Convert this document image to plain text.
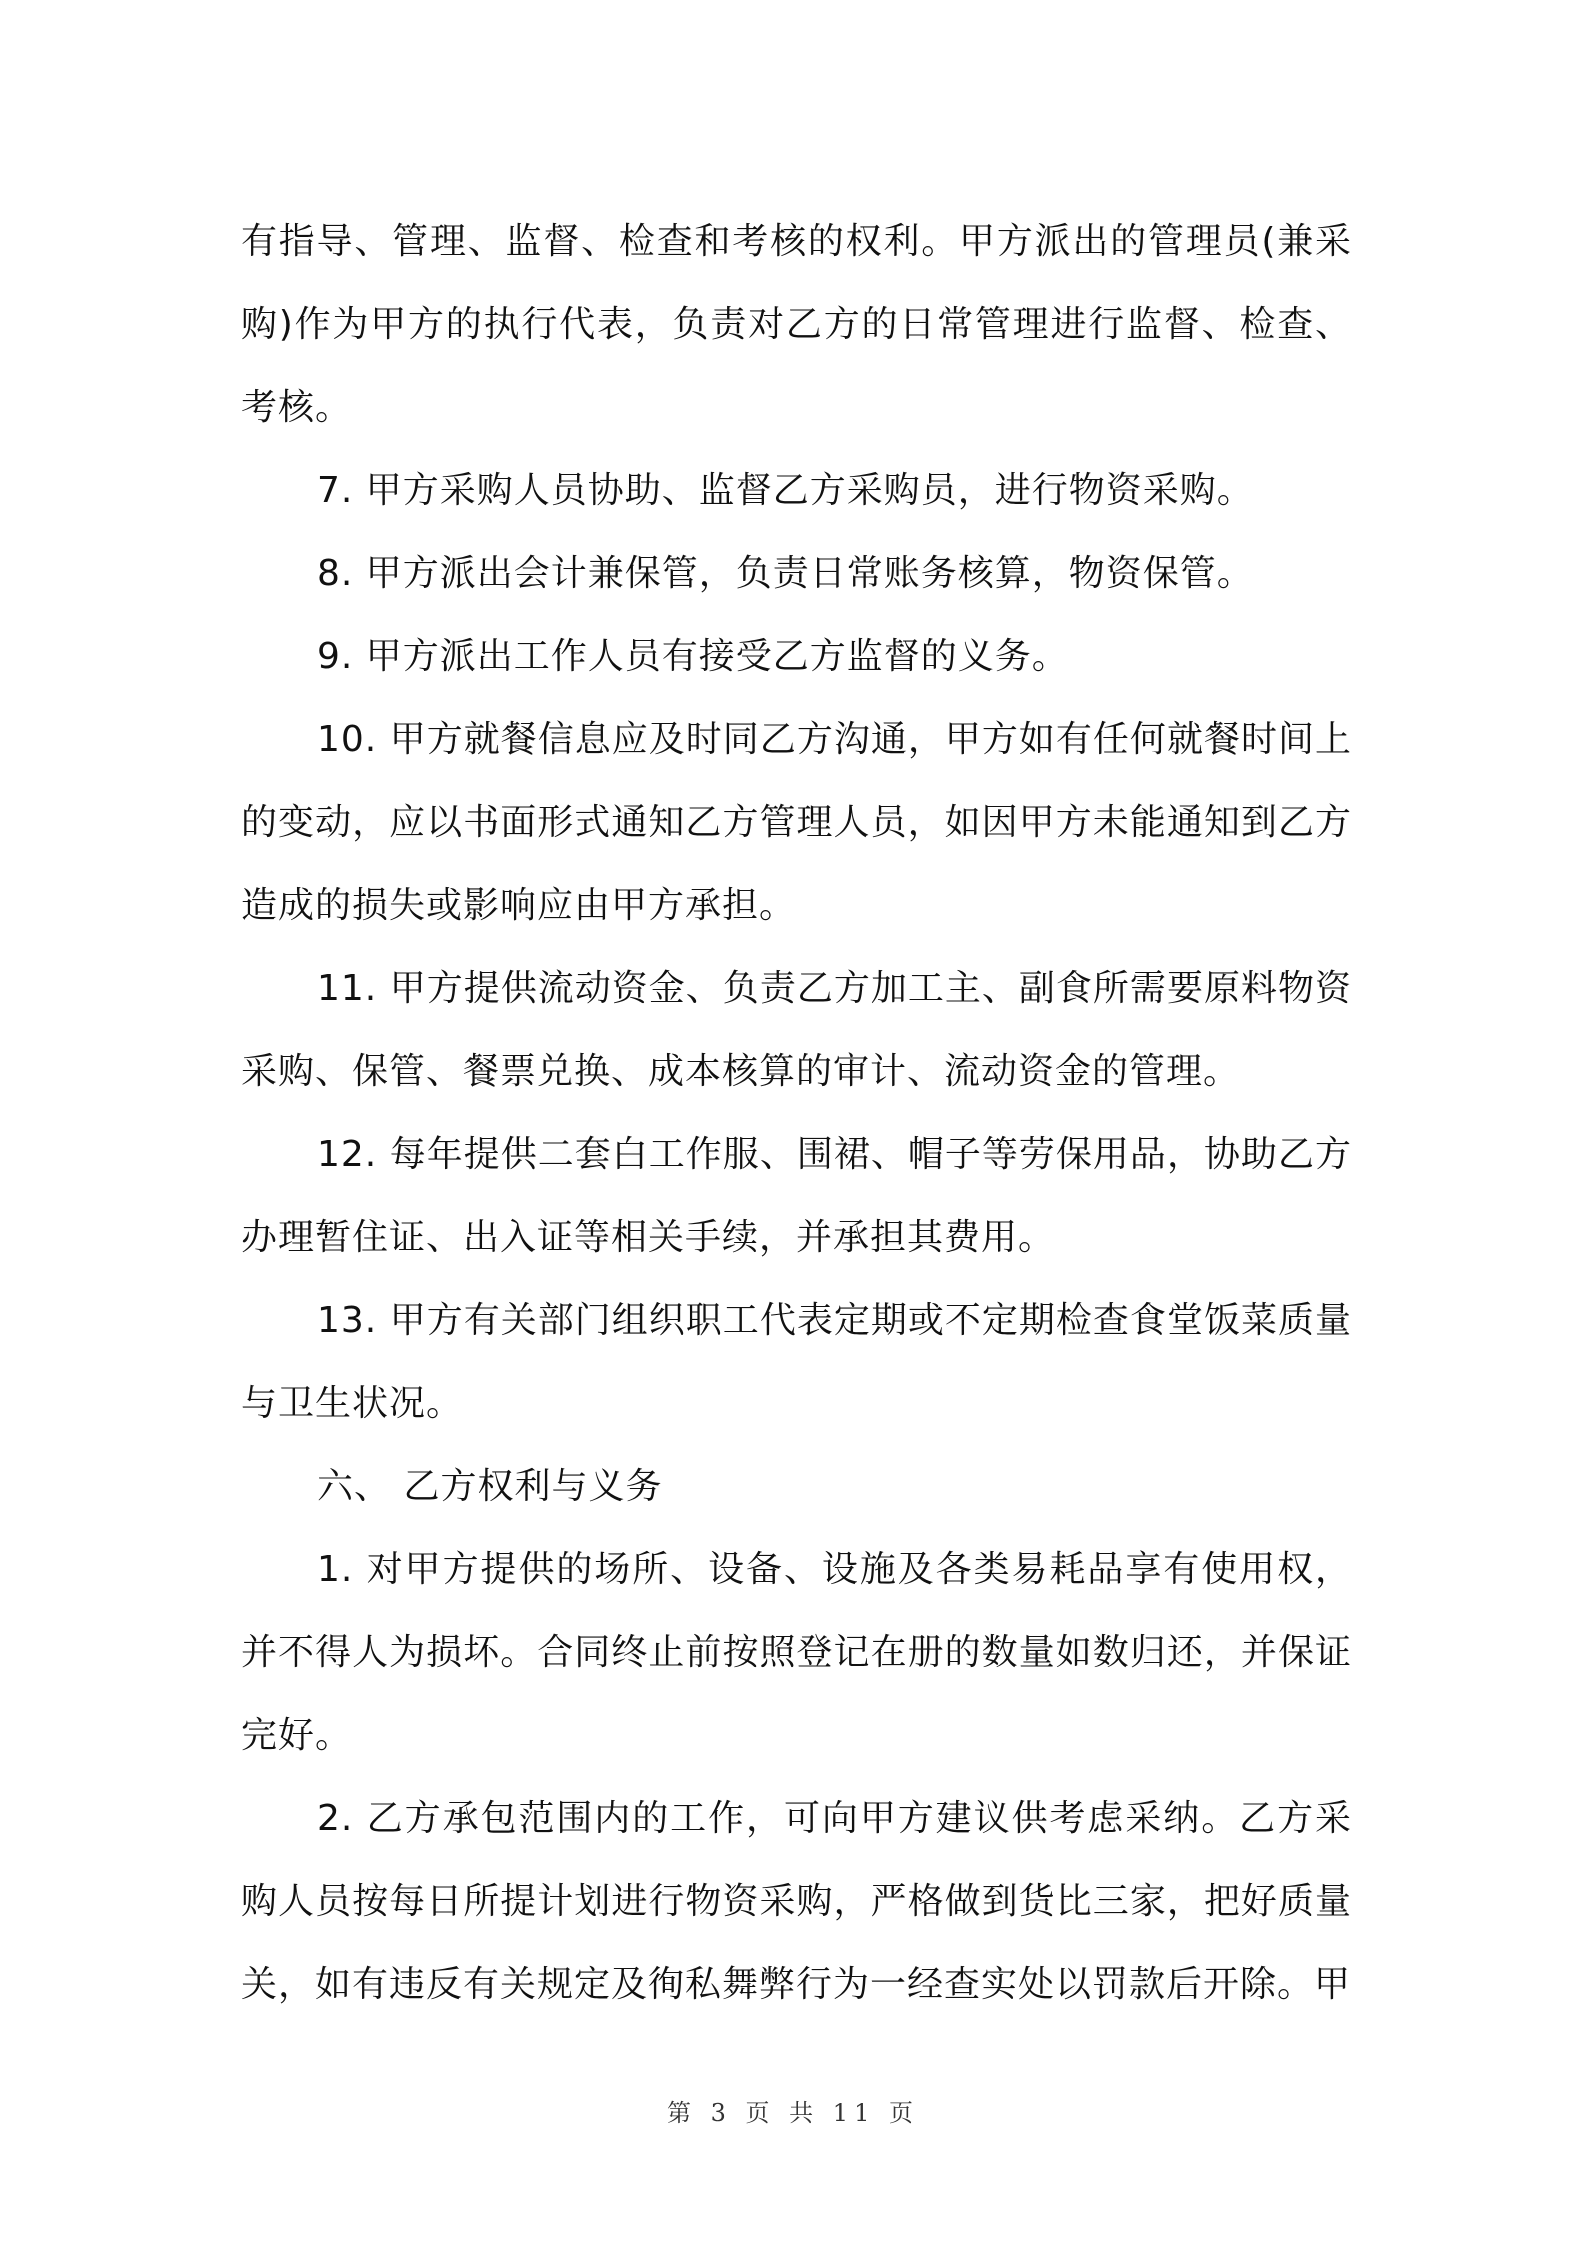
有指导、管理、监督、检查和考核的权利。甲方派出的管理员(兼采购)作为甲方的执行代表，负责对乙方的日常管理进行监督、检查、考核。

7. 甲方采购人员协助、监督乙方采购员，进行物资采购。

8. 甲方派出会计兼保管，负责日常账务核算，物资保管。

9. 甲方派出工作人员有接受乙方监督的义务。

10. 甲方就餐信息应及时同乙方沟通，甲方如有任何就餐时间上的变动，应以书面形式通知乙方管理人员，如因甲方未能通知到乙方造成的损失或影响应由甲方承担。

11. 甲方提供流动资金、负责乙方加工主、副食所需要原料物资采购、保管、餐票兑换、成本核算的审计、流动资金的管理。

12. 每年提供二套白工作服、围裙、帽子等劳保用品，协助乙方办理暂住证、出入证等相关手续，并承担其费用。

13. 甲方有关部门组织职工代表定期或不定期检查食堂饭菜质量与卫生状况。

六、 乙方权利与义务

1. 对甲方提供的场所、设备、设施及各类易耗品享有使用权，并不得人为损坏。合同终止前按照登记在册的数量如数归还，并保证完好。

2. 乙方承包范围内的工作，可向甲方建议供考虑采纳。乙方采购人员按每日所提计划进行物资采购，严格做到货比三家，把好质量关，如有违反有关规定及徇私舞弊行为一经查实处以罚款后开除。甲

第 3 页 共 11 页
